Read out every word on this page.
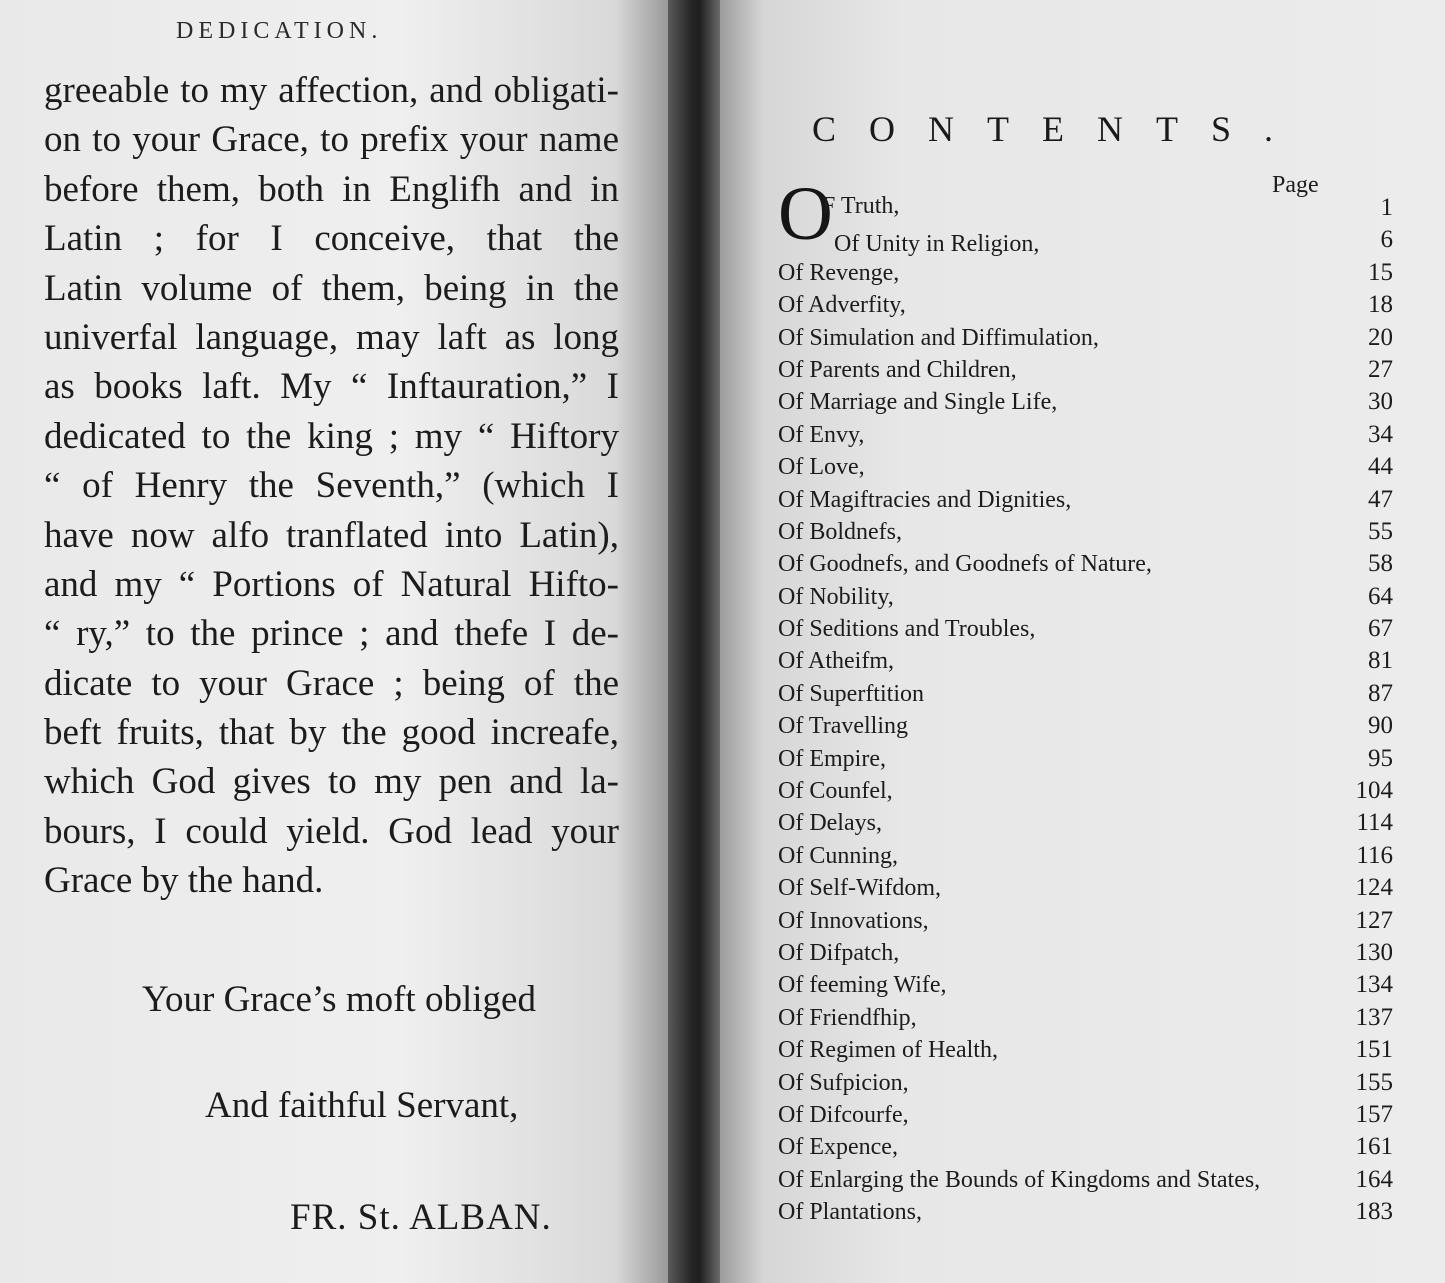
DEDICATION.
greeable to my affection, and obligati-
on to your Grace, to prefix your name
before them, both in Englifh and in
Latin ; for I conceive, that the
Latin volume of them, being in the
univerfal language, may laft as long
as books laft. My “ Inftauration,” I
dedicated to the king ; my “ Hiftory
“ of Henry the Seventh,” (which I
have now alfo tranflated into Latin),
and my “ Portions of Natural Hifto-
“ ry,” to the prince ; and thefe I de-
dicate to your Grace ; being of the
beft fruits, that by the good increafe,
which God gives to my pen and la-
bours, I could yield. God lead your
Grace by the hand.
Your Grace’s moft obliged
And faithful Servant,
FR. St. ALBAN.
CONTENTS.
Page
O
F Truth,	1
Of Unity in Religion,	6
Of Revenge,	15
Of Adverfity,	18
Of Simulation and Diffimulation,	20
Of Parents and Children,	27
Of Marriage and Single Life,	30
Of Envy,	34
Of Love,	44
Of Magiftracies and Dignities,	47
Of Boldnefs,	55
Of Goodnefs, and Goodnefs of Nature,	58
Of Nobility,	64
Of Seditions and Troubles,	67
Of Atheifm,	81
Of Superftition	87
Of Travelling	90
Of Empire,	95
Of Counfel,	104
Of Delays,	114
Of Cunning,	116
Of Self-Wifdom,	124
Of Innovations,	127
Of Difpatch,	130
Of feeming Wife,	134
Of Friendfhip,	137
Of Regimen of Health,	151
Of Sufpicion,	155
Of Difcourfe,	157
Of Expence,	161
Of Enlarging the Bounds of Kingdoms and States,	164
Of Plantations,	183
